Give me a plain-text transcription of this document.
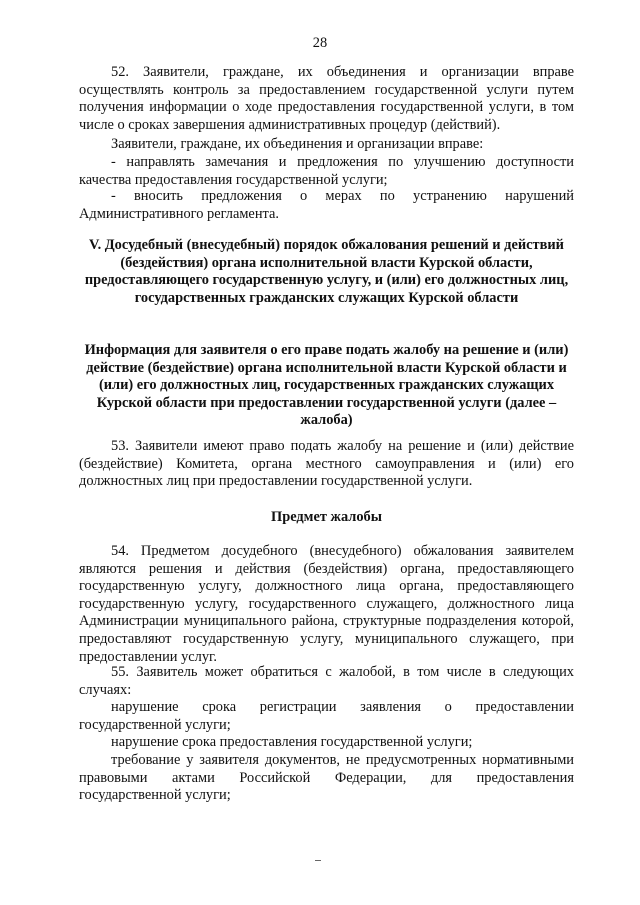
28

52. Заявители, граждане, их объединения и организации вправе осуществлять контроль за предоставлением государственной услуги путем получения информации о ходе предоставления государственной услуги, в том числе о сроках завершения административных процедур (действий).

Заявители, граждане, их объединения и организации вправе:

- направлять замечания и предложения по улучшению доступности качества предоставления государственной услуги;

- вносить предложения о мерах по устранению нарушений Административного регламента.

V. Досудебный (внесудебный) порядок обжалования решений и действий (бездействия) органа исполнительной власти Курской области, предоставляющего государственную услугу, и (или) его должностных лиц, государственных гражданских служащих Курской области

Информация для заявителя о его праве подать жалобу на решение и (или) действие (бездействие) органа исполнительной власти Курской области и (или) его должностных лиц, государственных гражданских служащих Курской области при предоставлении государственной услуги (далее – жалоба)

53. Заявители имеют право подать жалобу на решение и (или) действие (бездействие) Комитета, органа местного самоуправления и (или) его должностных лиц при предоставлении государственной услуги.

Предмет жалобы

54. Предметом досудебного (внесудебного) обжалования заявителем являются решения и действия (бездействия) органа, предоставляющего государственную услугу, должностного лица органа, предоставляющего государственную услугу, государственного служащего, должностного лица Администрации муниципального района, структурные подразделения которой, предоставляют государственную услугу, муниципального служащего, при предоставлении услуг.

55. Заявитель может обратиться с жалобой, в том числе в следующих случаях:

нарушение срока регистрации заявления о предоставлении государственной услуги;

нарушение срока предоставления государственной услуги;

требование у заявителя документов, не предусмотренных нормативными правовыми актами Российской Федерации, для предоставления государственной услуги;
